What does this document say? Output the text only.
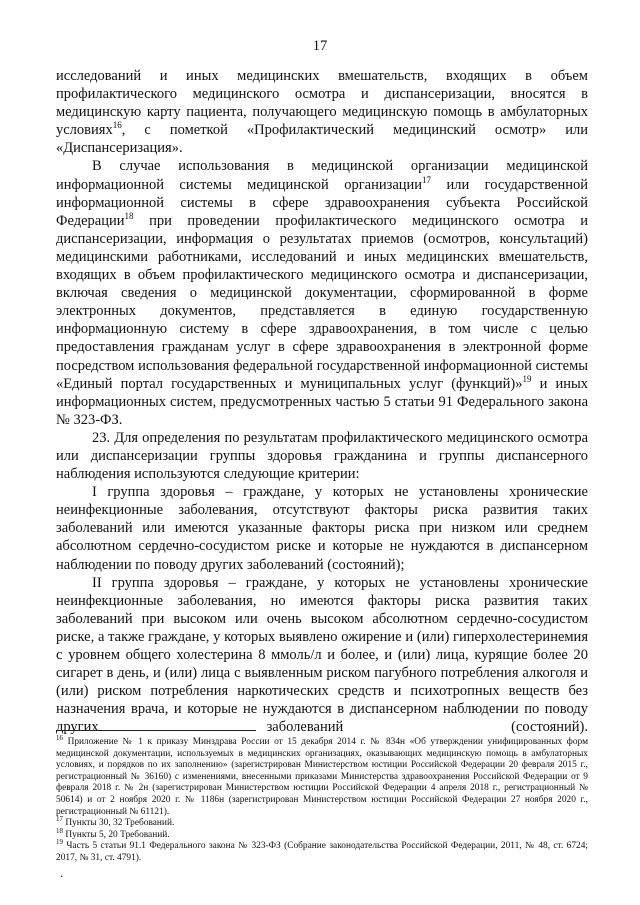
17

исследований и иных медицинских вмешательств, входящих в объем профилактического медицинского осмотра и диспансеризации, вносятся в медицинскую карту пациента, получающего медицинскую помощь в амбулаторных условиях$^{16}$, с пометкой «Профилактический медицинский осмотр» или «Диспансеризация».

В случае использования в медицинской организации медицинской информационной системы медицинской организации$^{17}$ или государственной информационной системы в сфере здравоохранения субъекта Российской Федерации$^{18}$ при проведении профилактического медицинского осмотра и диспансеризации, информация о результатах приемов (осмотров, консультаций) медицинскими работниками, исследований и иных медицинских вмешательств, входящих в объем профилактического медицинского осмотра и диспансеризации, включая сведения о медицинской документации, сформированной в форме электронных документов, представляется в единую государственную информационную систему в сфере здравоохранения, в том числе с целью предоставления гражданам услуг в сфере здравоохранения в электронной форме посредством использования федеральной государственной информационной системы «Единый портал государственных и муниципальных услуг (функций)»$^{19}$ и иных информационных систем, предусмотренных частью 5 статьи 91 Федерального закона № 323-ФЗ.

23. Для определения по результатам профилактического медицинского осмотра или диспансеризации группы здоровья гражданина и группы диспансерного наблюдения используются следующие критерии:

I группа здоровья – граждане, у которых не установлены хронические неинфекционные заболевания, отсутствуют факторы риска развития таких заболеваний или имеются указанные факторы риска при низком или среднем абсолютном сердечно-сосудистом риске и которые не нуждаются в диспансерном наблюдении по поводу других заболеваний (состояний);

II группа здоровья – граждане, у которых не установлены хронические неинфекционные заболевания, но имеются факторы риска развития таких заболеваний при высоком или очень высоком абсолютном сердечно-сосудистом риске, а также граждане, у которых выявлено ожирение и (или) гиперхолестеринемия с уровнем общего холестерина 8 ммоль/л и более, и (или) лица, курящие более 20 сигарет в день, и (или) лица с выявленным риском пагубного потребления алкоголя и (или) риском потребления наркотических средств и психотропных веществ без назначения врача, и которые не нуждаются в диспансерном наблюдении по поводу других заболеваний (состояний).

$^{16}$ Приложение № 1 к приказу Минздрава России от 15 декабря 2014 г. № 834н «Об утверждении унифицированных форм медицинской документации, используемых в медицинских организациях, оказывающих медицинскую помощь в амбулаторных условиях, и порядков по их заполнению» (зарегистрирован Министерством юстиции Российской Федерации 20 февраля 2015 г., регистрационный № 36160) с изменениями, внесенными приказами Министерства здравоохранения Российской Федерации от 9 февраля 2018 г. № 2н (зарегистрирован Министерством юстиции Российской Федерации 4 апреля 2018 г., регистрационный № 50614) и от 2 ноября 2020 г. № 1186н (зарегистрирован Министерством юстиции Российской Федерации 27 ноября 2020 г., регистрационный № 61121).

$^{17}$ Пункты 30, 32 Требований.

$^{18}$ Пункты 5, 20 Требований.

$^{19}$ Часть 5 статьи 91.1 Федерального закона № 323-ФЗ (Собрание законодательства Российской Федерации, 2011, № 48, ст. 6724; 2017, № 31, ст. 4791).

.
